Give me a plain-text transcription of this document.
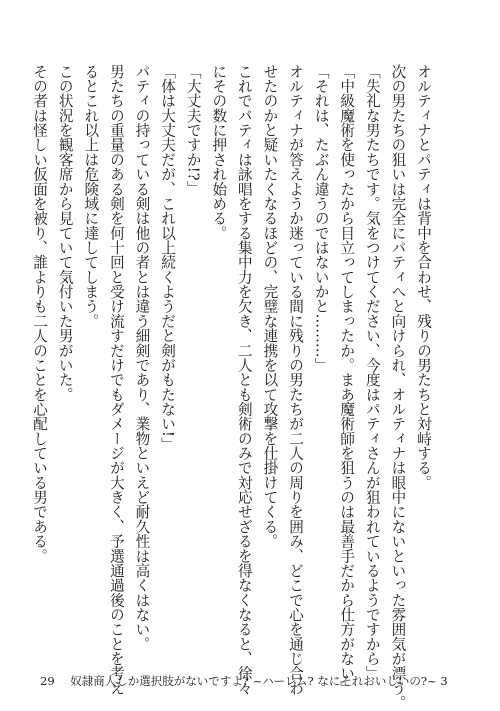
オルティナとパティは背中を合わせ、残りの男たちと対峙する。

次の男たちの狙いは完全にパティへと向けられ、オルティナは眼中にないといった雰囲気が漂う。

「失礼な男たちです。気をつけてください、今度はパティさんが狙われているようですから」

「中級魔術を使ったから目立ってしまったか。まあ魔術師を狙うのは最善手だから仕方がない」

「それは、たぶん違うのではないかと………」

オルティナが答えようか迷っている間に残りの男たちが二人の周りを囲み、どこで心を通じ合わ

せたのかと疑いたくなるほどの、完璧な連携を以て攻撃を仕掛けてくる。

これでパティは詠唱をする集中力を欠き、二人とも剣術のみで対応せざるを得なくなると、徐々

にその数に押され始める。

「大丈夫ですか!?」

「体は大丈夫だが、これ以上続くようだと剣がもたない!」

パティの持っている剣は他の者とは違う細剣であり、業物といえど耐久性は高くはない。

男たちの重量のある剣を何十回と受け流すだけでもダメージが大きく、予選通過後のことを考え

るとこれ以上は危険域に達してしまう。

この状況を観客席から見ていて気付いた男がいた。

その者は怪しい仮面を被り、誰よりも二人のことを心配している男である。

29 奴隷商人しか選択肢がないですよ? ~ハーレム? なにそれおいしいの?~ 3
